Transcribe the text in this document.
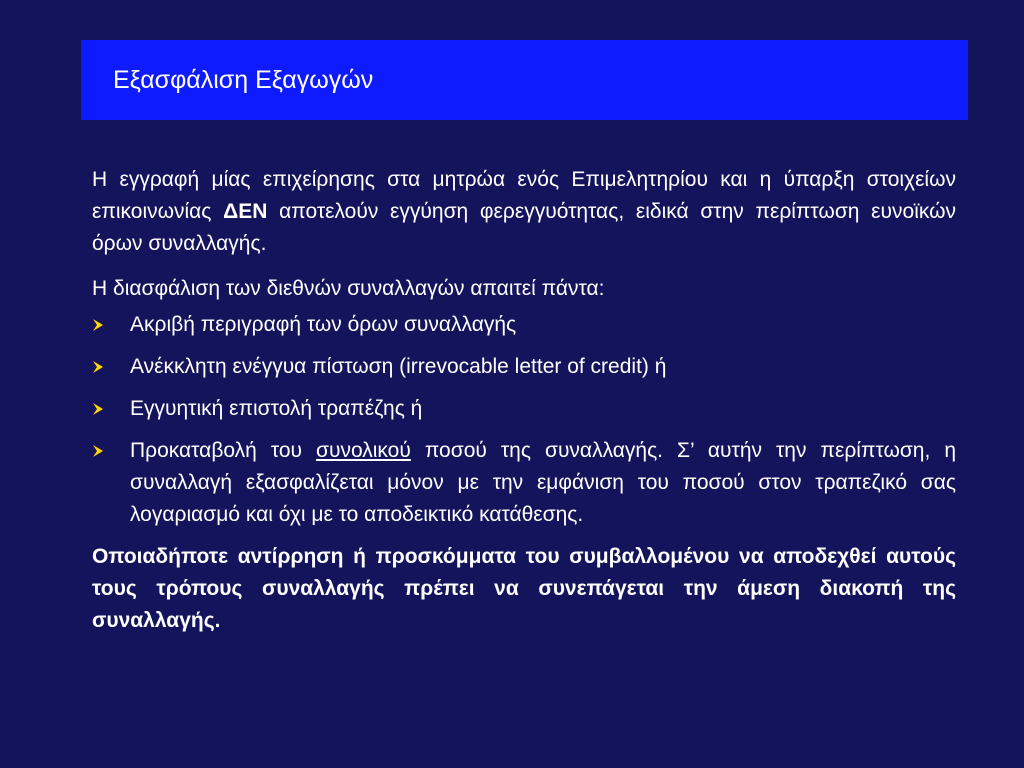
Εξασφάλιση Εξαγωγών

Η εγγραφή μίας επιχείρησης στα μητρώα ενός Επιμελητηρίου και η ύπαρξη στοιχείων επικοινωνίας ΔΕΝ αποτελούν εγγύηση φερεγγυότητας, ειδικά στην περίπτωση ευνοϊκών όρων συναλλαγής.

Η διασφάλιση των διεθνών συναλλαγών απαιτεί πάντα:

Ακριβή περιγραφή των όρων συναλλαγής
Ανέκκλητη ενέγγυα πίστωση (irrevocable letter of credit) ή
Εγγυητική επιστολή τραπέζης ή
Προκαταβολή του συνολικού ποσού της συναλλαγής. Σ’ αυτήν την περίπτωση, η συναλλαγή εξασφαλίζεται μόνον με την εμφάνιση του ποσού στον τραπεζικό σας λογαριασμό και όχι με το αποδεικτικό κατάθεσης.

Οποιαδήποτε αντίρρηση ή προσκόμματα του συμβαλλομένου να αποδεχθεί αυτούς τους τρόπους συναλλαγής πρέπει να συνεπάγεται την άμεση διακοπή της συναλλαγής.
